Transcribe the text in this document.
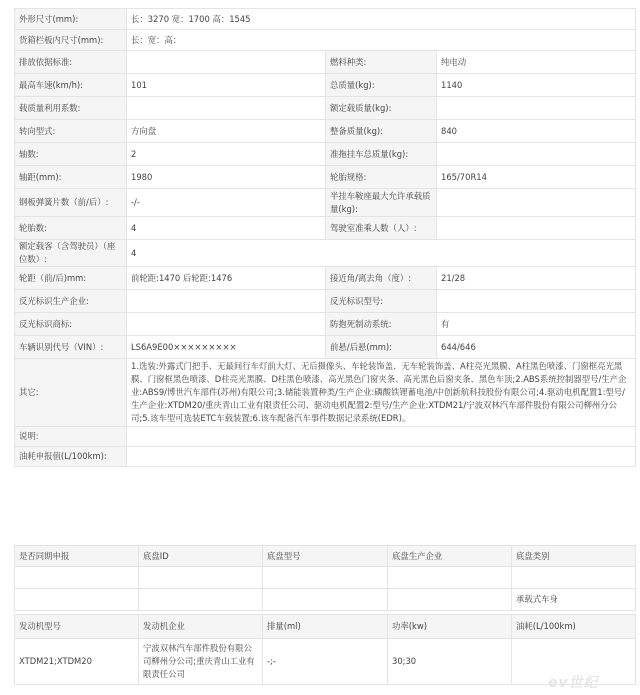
外形尺寸(mm):	长：3270 宽：1700 高：1545		
货箱栏板内尺寸(mm):	长：宽：高：		
排放依据标准:		燃料种类:	纯电动
最高车速(km/h):	101	总质量(kg):	1140
载质量利用系数:		额定载质量(kg):	
转向型式:	方向盘	整备质量(kg):	840
轴数:	2	准拖挂车总质量(kg):	
轴距(mm):	1980	轮胎规格:	165/70R14
钢板弹簧片数（前/后）:	-/-	半挂车鞍座最大允许承载质量(kg):	
轮胎数:	4	驾驶室准乘人数（人）:	
额定载客（含驾驶员）（座位数）:	4		
轮距（前/后)mm:	前轮距:1470 后轮距:1476	接近角/离去角（度）:	21/28
反光标识生产企业:		反光标识型号:	
反光标识商标:		防抱死制动系统:	有
车辆识别代号（VIN）:	LS6A9E00×××××××××	前悬/后悬(mm):	644/646
其它:	1.选装:外露式门把手、无最间行车灯前大灯、无后摄像头、车轮装饰盖、无车轮装饰盖、A柱亮光黑膜、A柱黑色喷漆、门窗框亮光黑膜、门窗框黑色喷漆、D柱亮光黑膜、D柱黑色喷漆、高光黑色门窗夹条、高光黑色后窗夹条、黑色车顶;2.ABS系统控制器型号/生产企业:ABS9/博世汽车部件(苏州)有限公司;3.储能装置种类/生产企业:磷酸铁锂蓄电池/中创新航科技股份有限公司;4.驱动电机配置1:型号/生产企业:XTDM20/重庆青山工业有限责任公司、驱动电机配置2:型号/生产企业:XTDM21/宁波双林汽车部件股份有限公司柳州分公司;5.该车型可选装ETC车载装置;6.该车配备汽车事件数据记录系统(EDR)。		
说明:			
油耗申报值(L/100km):			
是否同期申报	底盘ID	底盘型号	底盘生产企业	底盘类别

				承载式车身
发动机型号	发动机企业	排量(ml)	功率(kw)	油耗(L/100km)
XTDM21;XTDM20	宁波双林汽车部件股份有限公司柳州分公司;重庆青山工业有限责任公司	-;-	30;30	
ev世纪
